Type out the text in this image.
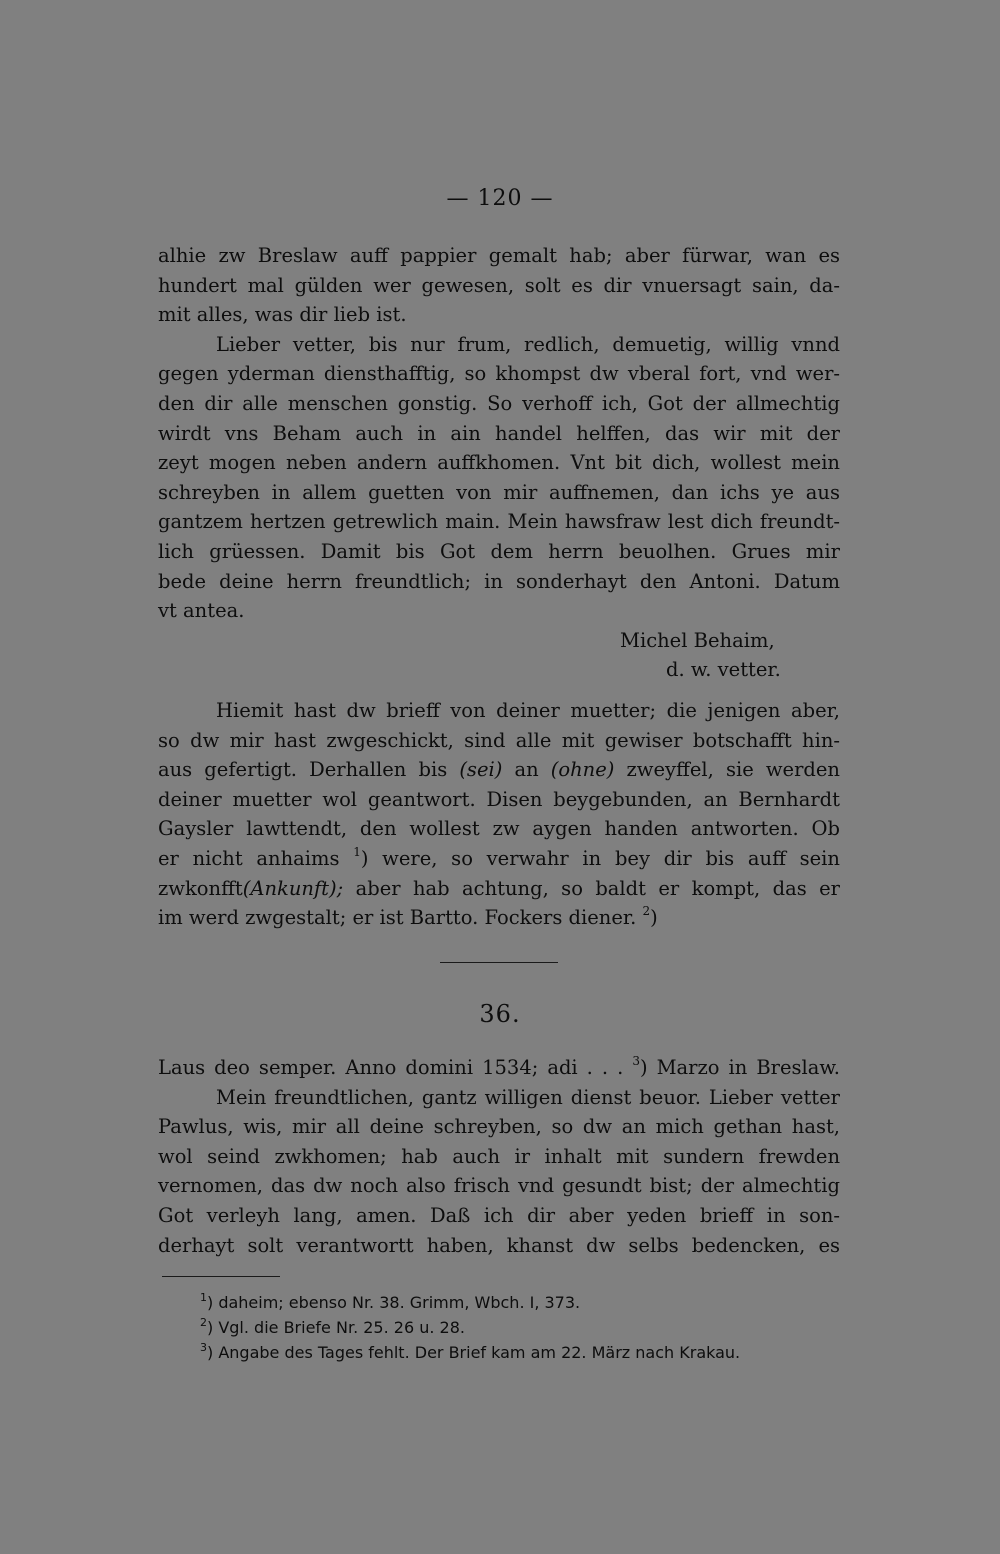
— 120 —
alhie zw Breslaw auff pappier gemalt hab; aber fürwar, wan es
hundert mal gülden wer gewesen, solt es dir vnuersagt sain, da-
mit alles, was dir lieb ist.
Lieber vetter, bis nur frum, redlich, demuetig, willig vnnd
gegen yderman diensthafftig, so khompst dw vberal fort, vnd wer-
den dir alle menschen gonstig. So verhoff ich, Got der allmechtig
wirdt vns Beham auch in ain handel helffen, das wir mit der
zeyt mogen neben andern auffkhomen. Vnt bit dich, wollest mein
schreyben in allem guetten von mir auffnemen, dan ichs ye aus
gantzem hertzen getrewlich main. Mein hawsfraw lest dich freundt-
lich grüessen. Damit bis Got dem herrn beuolhen. Grues mir
bede deine herrn freundtlich; in sonderhayt den Antoni. Datum
vt antea.
Michel Behaim,
d. w. vetter.
Hiemit hast dw brieff von deiner muetter; die jenigen aber,
so dw mir hast zwgeschickt, sind alle mit gewiser botschafft hin-
aus gefertigt. Derhallen bis (sei) an (ohne) zweyffel, sie werden
deiner muetter wol geantwort. Disen beygebunden, an Bernhardt
Gaysler lawttendt, den wollest zw aygen handen antworten. Ob
er nicht anhaims $^1$) were, so verwahr in bey dir bis auff sein
zwkonfft(Ankunft); aber hab achtung, so baldt er kompt, das er
im werd zwgestalt; er ist Bartto. Fockers diener. $^2$)
36.
Laus deo semper. Anno domini 1534; adi . . . $^3$) Marzo in Breslaw.
Mein freundtlichen, gantz willigen dienst beuor. Lieber vetter
Pawlus, wis, mir all deine schreyben, so dw an mich gethan hast,
wol seind zwkhomen; hab auch ir inhalt mit sundern frewden
vernomen, das dw noch also frisch vnd gesundt bist; der almechtig
Got verleyh lang, amen. Daß ich dir aber yeden brieff in son-
derhayt solt verantwortt haben, khanst dw selbs bedencken, es
$^1$) daheim; ebenso Nr. 38. Grimm, Wbch. I, 373.
$^2$) Vgl. die Briefe Nr. 25. 26 u. 28.
$^3$) Angabe des Tages fehlt. Der Brief kam am 22. März nach Krakau.
